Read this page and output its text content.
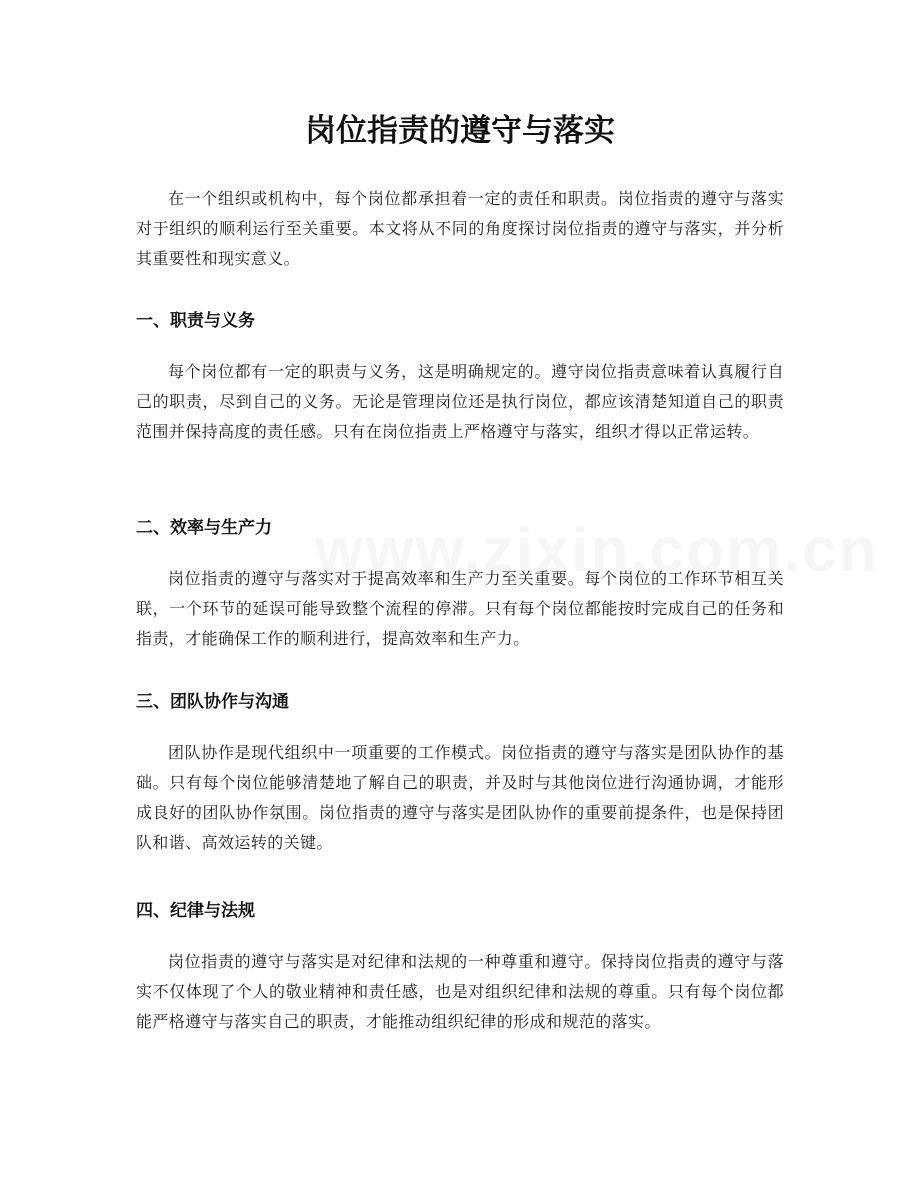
岗位指责的遵守与落实

在一个组织或机构中，每个岗位都承担着一定的责任和职责。岗位指责的遵守与落实对于组织的顺利运行至关重要。本文将从不同的角度探讨岗位指责的遵守与落实，并分析其重要性和现实意义。

一、职责与义务

每个岗位都有一定的职责与义务，这是明确规定的。遵守岗位指责意味着认真履行自己的职责，尽到自己的义务。无论是管理岗位还是执行岗位，都应该清楚知道自己的职责范围并保持高度的责任感。只有在岗位指责上严格遵守与落实，组织才得以正常运转。

二、效率与生产力

岗位指责的遵守与落实对于提高效率和生产力至关重要。每个岗位的工作环节相互关联，一个环节的延误可能导致整个流程的停滞。只有每个岗位都能按时完成自己的任务和指责，才能确保工作的顺利进行，提高效率和生产力。

三、团队协作与沟通

团队协作是现代组织中一项重要的工作模式。岗位指责的遵守与落实是团队协作的基础。只有每个岗位能够清楚地了解自己的职责，并及时与其他岗位进行沟通协调，才能形成良好的团队协作氛围。岗位指责的遵守与落实是团队协作的重要前提条件，也是保持团队和谐、高效运转的关键。

四、纪律与法规

岗位指责的遵守与落实是对纪律和法规的一种尊重和遵守。保持岗位指责的遵守与落实不仅体现了个人的敬业精神和责任感，也是对组织纪律和法规的尊重。只有每个岗位都能严格遵守与落实自己的职责，才能推动组织纪律的形成和规范的落实。
